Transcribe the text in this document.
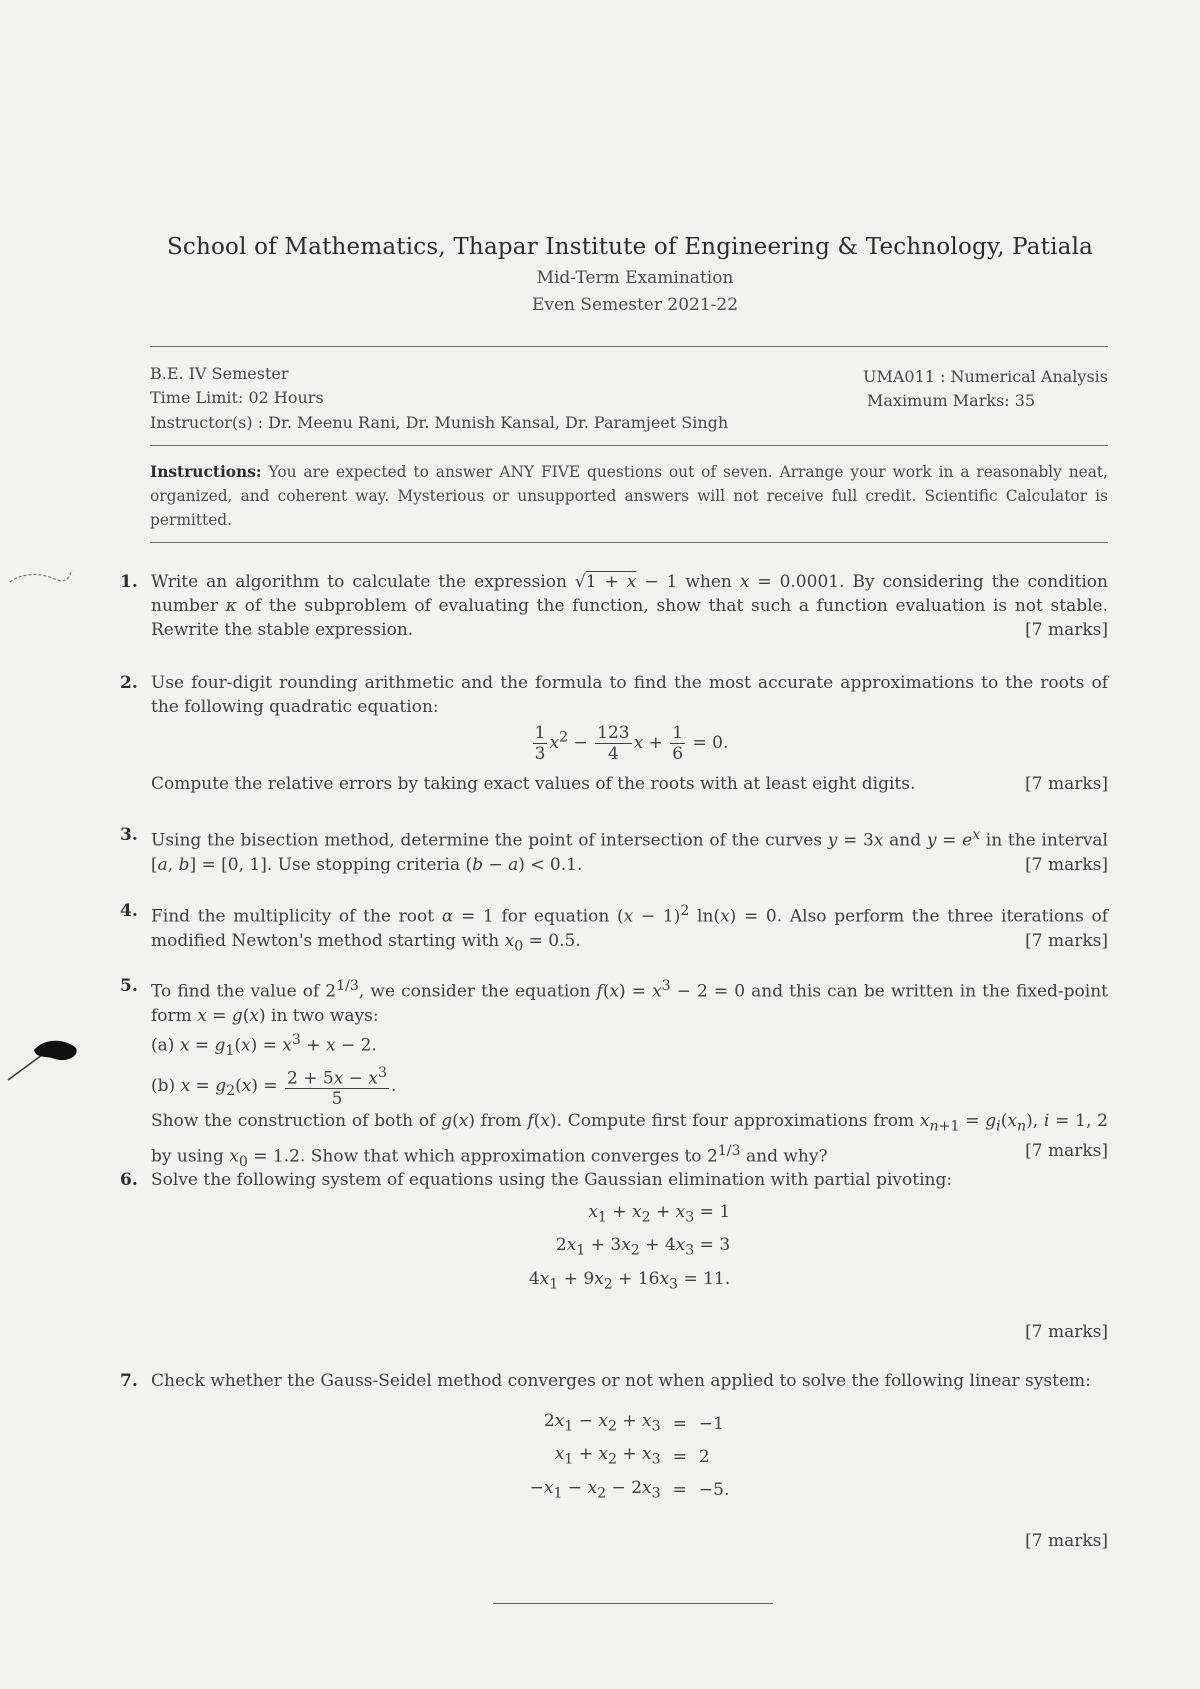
School of Mathematics, Thapar Institute of Engineering & Technology, Patiala
Mid-Term Examination
Even Semester 2021-22
B.E. IV Semester
Time Limit: 02 Hours
Instructor(s) : Dr. Meenu Rani, Dr. Munish Kansal, Dr. Paramjeet Singh
UMA011 : Numerical Analysis
Maximum Marks: 35
Instructions: You are expected to answer ANY FIVE questions out of seven. Arrange your work in a reasonably neat, organized, and coherent way. Mysterious or unsupported answers will not receive full credit. Scientific Calculator is permitted.
1. Write an algorithm to calculate the expression √1 + x − 1 when x = 0.0001. By considering the condition number κ of the subproblem of evaluating the function, show that such a function evaluation is not stable. Rewrite the stable expression.	[7 marks]
2. Use four-digit rounding arithmetic and the formula to find the most accurate approximations to the roots of the following quadratic equation:
$\frac{1}{3} x^2 - \frac{123}{4}$ $x + \frac{1}{6} = 0$.
Compute the relative errors by taking exact values of the roots with at least eight digits.	[7 marks]
3. Using the bisection method, determine the point of intersection of the curves y = 3x and $y = e^x$ in the interval [a, b] = [0, 1]. Use stopping criteria (b − a) < 0.1.	[7 marks]
4. Find the multiplicity of the root α = 1 for equation $(x - 1)^2$ ln(x) = 0. Also perform the three iterations of modified Newton's method starting with $x_0 = 0.5$.	[7 marks]
5. To find the value of $2^{1/3}$, we consider the equation $f(x) = x^3 - 2 = 0$ and this can be written in the fixed-point form x = g(x) in two ways:
(a) $x = g_1(x) = x^3 + x - 2$.
(b) $x = g_2(x) = \frac{2 + 5x - x^3}{5}$ .
Show the construction of both of g(x) from f(x). Compute first four approximations from $x_{n+1} = g_i(x_n)$, i = 1, 2 by using $x_0 = 1.2$. Show that which approximation converges to $2^{1/3}$ and why?	[7 marks]
6. Solve the following system of equations using the Gaussian elimination with partial pivoting:
$x_1 + x_2 + x_3 = 1$
$2x_1 + 3x_2 + 4x_3 = 3$
$4x_1 + 9x_2 + 16x_3 = 11$.
[7 marks]
7. Check whether the Gauss-Seidel method converges or not when applied to solve the following linear system:
$2x_1 - x_2 + x_3$	=	−1
$x_1 + x_2 + x_3$	=	2
$-x_1 - x_2 - 2x_3$	=	−5.
[7 marks]
